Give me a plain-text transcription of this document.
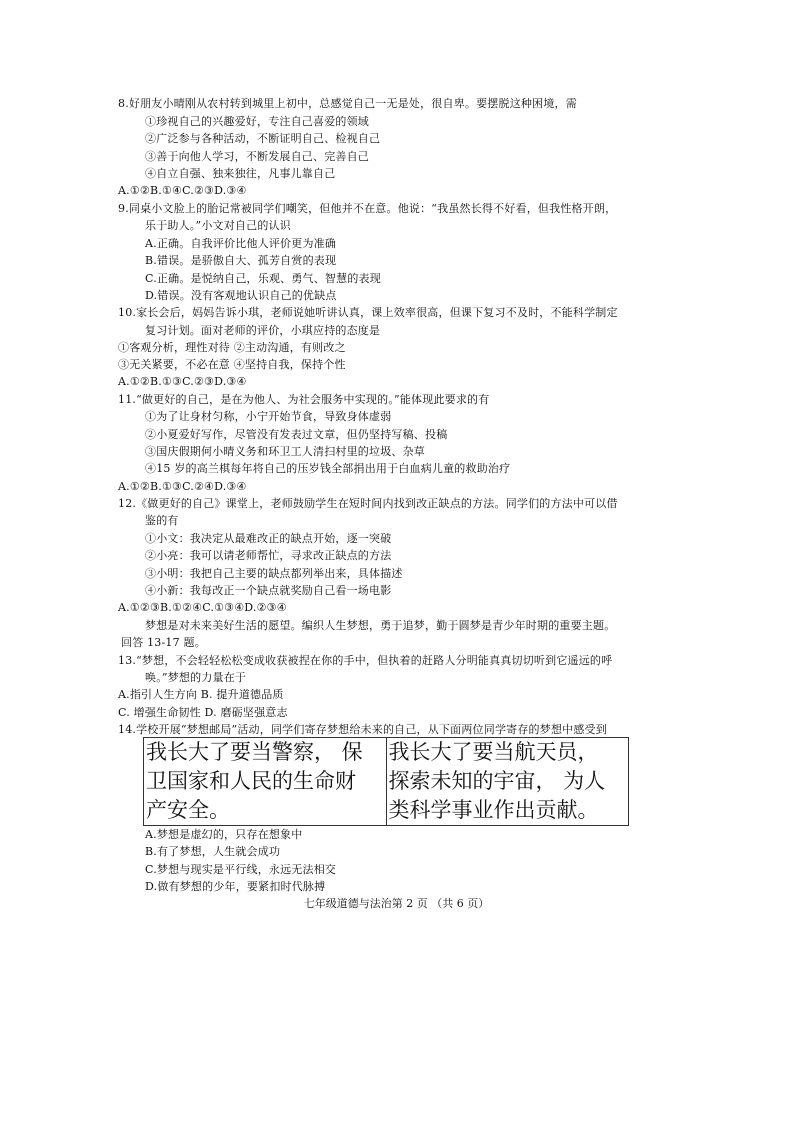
8.好朋友小晴刚从农村转到城里上初中，总感觉自己一无是处，很自卑。要摆脱这种困境，需
①珍视自己的兴趣爱好，专注自己喜爱的领域
②广泛参与各种活动，不断证明自己、检视自己
③善于向他人学习，不断发展自己、完善自己
④自立自强、独来独往，凡事儿靠自己
A.①②B.①④C.②③D.③④
9.同桌小文脸上的胎记常被同学们嘲笑，但他并不在意。他说：“我虽然长得不好看，但我性格开朗，
乐于助人。”小文对自己的认识
A.正确。自我评价比他人评价更为准确
B.错误。是骄傲自大、孤芳自赏的表现
C.正确。是悦纳自己，乐观、勇气、智慧的表现
D.错误。没有客观地认识自己的优缺点
10.家长会后，妈妈告诉小琪，老师说她听讲认真，课上效率很高，但课下复习不及时，不能科学制定
复习计划。面对老师的评价，小琪应持的态度是
①客观分析，理性对待 ②主动沟通，有则改之
③无关紧要，不必在意 ④坚持自我，保持个性
A.①②B.①③C.②③D.③④
11.“做更好的自己，是在为他人、为社会服务中实现的。”能体现此要求的有
①为了让身材匀称，小宁开始节食，导致身体虚弱
②小夏爱好写作，尽管没有发表过文章，但仍坚持写稿、投稿
③国庆假期何小晴义务和环卫工人清扫村里的垃圾、杂草
④15 岁的高兰棋每年将自己的压岁钱全部捐出用于白血病儿童的救助治疗
A.①②B.①③C.②④D.③④
12.《做更好的自己》课堂上，老师鼓励学生在短时间内找到改正缺点的方法。同学们的方法中可以借
鉴的有
①小文：我决定从最难改正的缺点开始，逐一突破
②小亮：我可以请老师帮忙，寻求改正缺点的方法
③小明：我把自己主要的缺点都列举出来，具体描述
④小新：我每改正一个缺点就奖励自己看一场电影
A.①②③B.①②④C.①③④D.②③④
梦想是对未来美好生活的愿望。编织人生梦想，勇于追梦，勤于圆梦是青少年时期的重要主题。
回答 13-17 题。
13.“梦想，不会轻轻松松变成收获被捏在你的手中，但执着的赶路人分明能真真切切听到它遥远的呼
唤。”梦想的力量在于
A.指引人生方向 B. 提升道德品质
C. 增强生命韧性 D. 磨砺坚强意志
14.学校开展“梦想邮局”活动，同学们寄存梦想给未来的自己，从下面两位同学寄存的梦想中感受到
我长大了要当警察， 保
卫国家和人民的生命财
产安全。

我长大了要当航天员，
探索未知的宇宙， 为人
类科学事业作出贡献。
A.梦想是虚幻的，只存在想象中
B.有了梦想，人生就会成功
C.梦想与现实是平行线，永远无法相交
D.做有梦想的少年，要紧扣时代脉搏
七年级道德与法治第 2 页 （共 6 页）
